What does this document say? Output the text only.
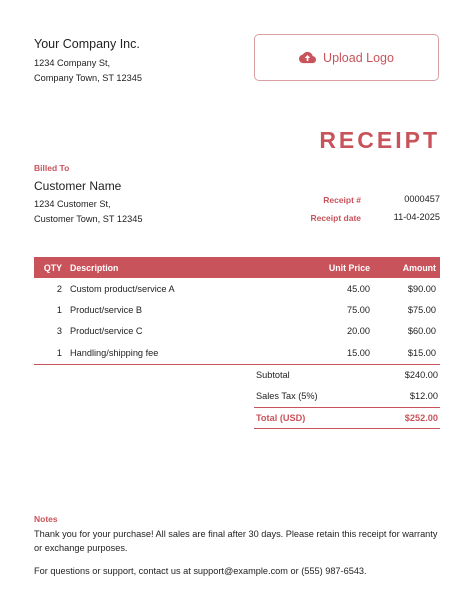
Your Company Inc.
1234 Company St,
Company Town, ST 12345
Upload Logo
RECEIPT
Billed To
Customer Name
1234 Customer St,
Customer Town, ST 12345
Receipt #	0000457
Receipt date	11-04-2025
QTY	Description	Unit Price	Amount
2	Custom product/service A	45.00	$90.00
1	Product/service B	75.00	$75.00
3	Product/service C	20.00	$60.00
1	Handling/shipping fee	15.00	$15.00
Subtotal	$240.00
Sales Tax (5%)	$12.00
Total (USD)	$252.00
Notes
Thank you for your purchase! All sales are final after 30 days. Please retain this receipt for warranty or exchange purposes.
For questions or support, contact us at support@example.com or (555) 987-6543.
